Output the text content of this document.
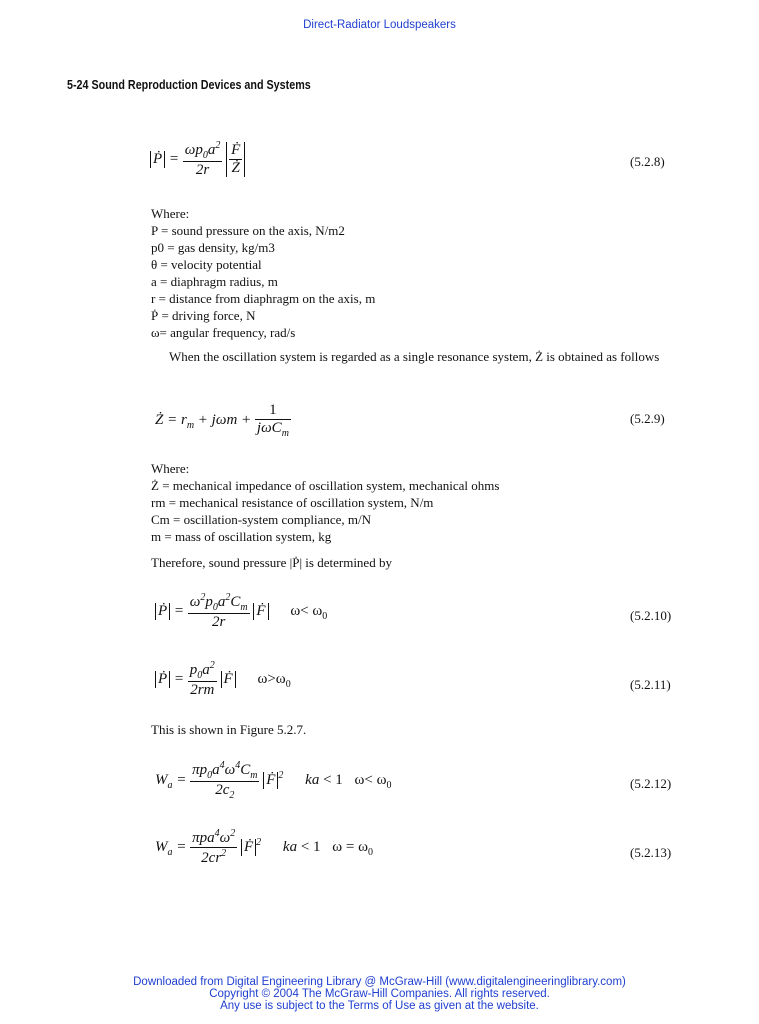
Direct-Radiator Loudspeakers
5-24 Sound Reproduction Devices and Systems
Ṗ = $\frac{\omega p_0a^2}{2r}$
$\frac{Ḟ}{Ż}$	(5.2.8)
Where:
P = sound pressure on the axis, N/m2
p0 = gas density, kg/m3
θ = velocity potential
a = diaphragm radius, m
r = distance from diaphragm on the axis, m
Ṗ = driving force, N
ω= angular frequency, rad/s
When the oscillation system is regarded as a single resonance system, Ż is obtained as follows
Ż = $r_m + j\omega m + \frac{1}{j\omega C_m}$	(5.2.9)
Where:
Ż = mechanical impedance of oscillation system, mechanical ohms
rm = mechanical resistance of oscillation system, N/m
Cm = oscillation-system compliance, m/N
m = mass of oscillation system, kg
Therefore, sound pressure |Ṗ| is determined by
Ṗ = $\frac{\omega^2p_0a^2C_m}{2r}$ Ḟ $\omega< \omega_0$	(5.2.10)
Ṗ = $\frac{p_0a^2}{2rm}$ Ḟ $\omega>\omega_0$	(5.2.11)
This is shown in Figure 5.2.7.
$W_a = \frac{\pi p_0a^4\omega^4C_m}{2c_2}$ Ḟ $^2$ ka < 1 $\omega< \omega_0$	(5.2.12)
$W_a = \frac{\pi pa^4\omega^2}{2cr^2}$ Ḟ $^2$ ka < 1 $\omega = \omega_0$	(5.2.13)
Downloaded from Digital Engineering Library @ McGraw-Hill (www.digitalengineeringlibrary.com)
Copyright © 2004 The McGraw-Hill Companies. All rights reserved.
Any use is subject to the Terms of Use as given at the website.
